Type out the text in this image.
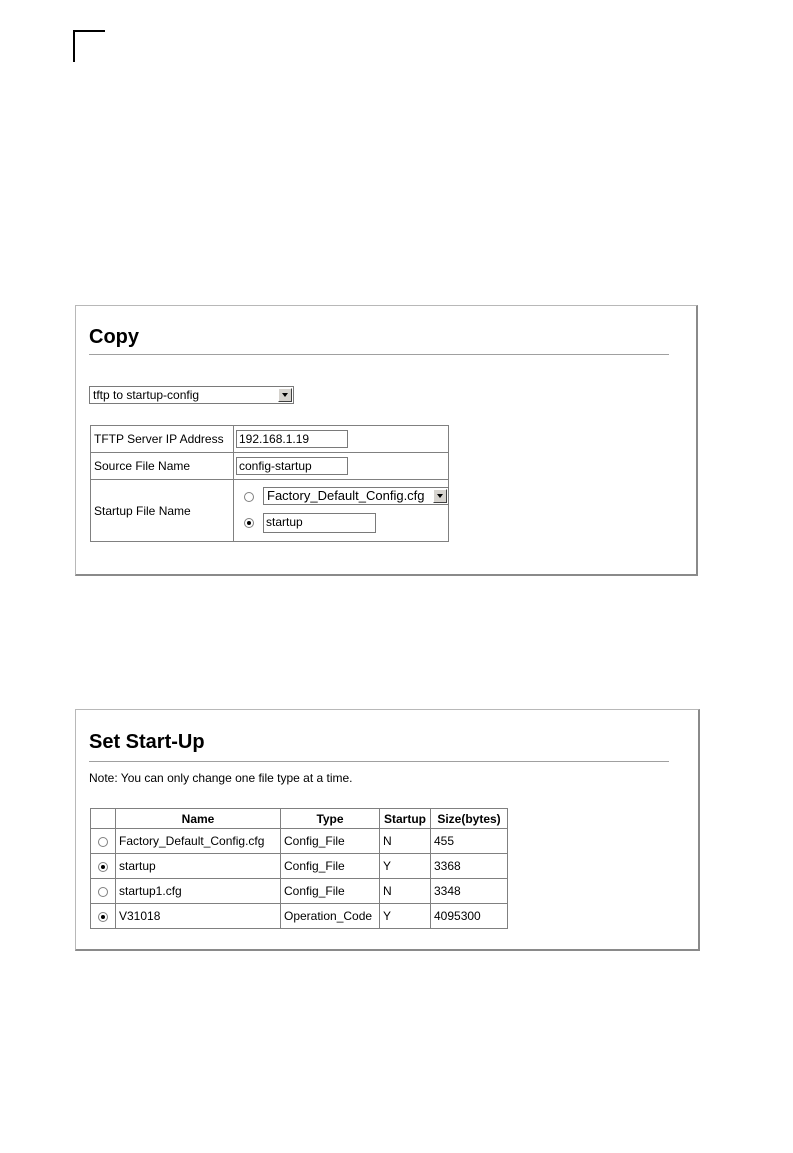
Copy
tftp to startup-config
TFTP Server IP Address	192.168.1.19
Source File Name	config-startup
Startup File Name	Factory_Default_Config.cfg
startup
Set Start-Up
Note: You can only change one file type at a time.
	Name	Type	Startup	Size(bytes)
	Factory_Default_Config.cfg	Config_File	N	455
	startup	Config_File	Y	3368
	startup1.cfg	Config_File	N	3348
	V31018	Operation_Code	Y	4095300
